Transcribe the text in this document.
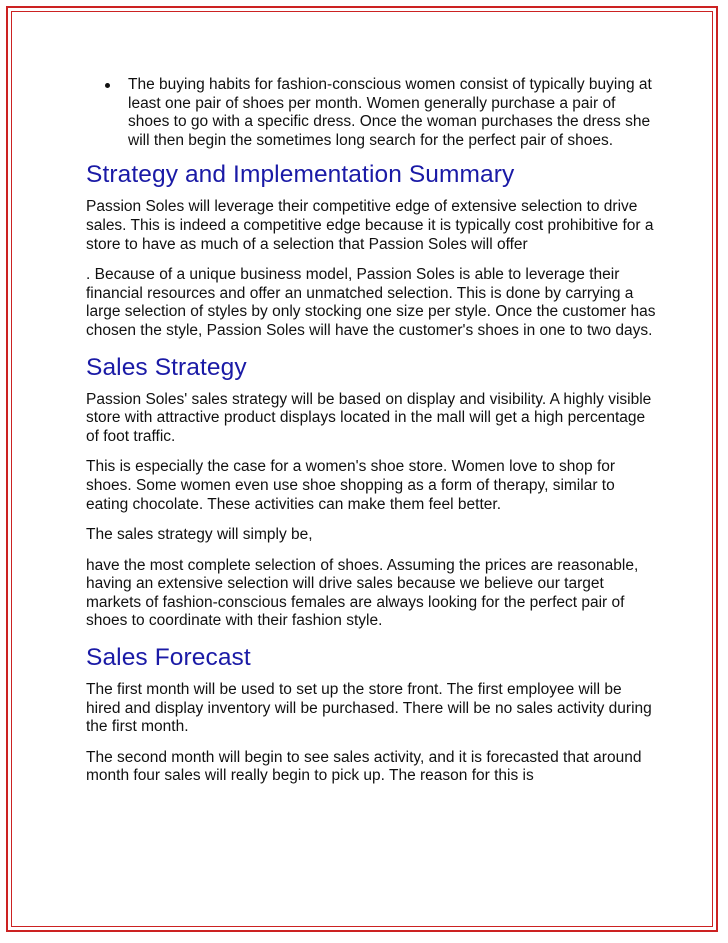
The buying habits for fashion-conscious women consist of typically buying at least one pair of shoes per month. Women generally purchase a pair of shoes to go with a specific dress. Once the woman purchases the dress she will then begin the sometimes long search for the perfect pair of shoes.
Strategy and Implementation Summary

Passion Soles will leverage their competitive edge of extensive selection to drive sales. This is indeed a competitive edge because it is typically cost prohibitive for a store to have as much of a selection that Passion Soles will offer

. Because of a unique business model, Passion Soles is able to leverage their financial resources and offer an unmatched selection. This is done by carrying a large selection of styles by only stocking one size per style. Once the customer has chosen the style, Passion Soles will have the customer's shoes in one to two days.

Sales Strategy

Passion Soles' sales strategy will be based on display and visibility. A highly visible store with attractive product displays located in the mall will get a high percentage of foot traffic.

This is especially the case for a women's shoe store. Women love to shop for shoes. Some women even use shoe shopping as a form of therapy, similar to eating chocolate. These activities can make them feel better.

The sales strategy will simply be,

have the most complete selection of shoes. Assuming the prices are reasonable, having an extensive selection will drive sales because we believe our target markets of fashion-conscious females are always looking for the perfect pair of shoes to coordinate with their fashion style.

Sales Forecast

The first month will be used to set up the store front. The first employee will be hired and display inventory will be purchased. There will be no sales activity during the first month.

The second month will begin to see sales activity, and it is forecasted that around month four sales will really begin to pick up. The reason for this is
